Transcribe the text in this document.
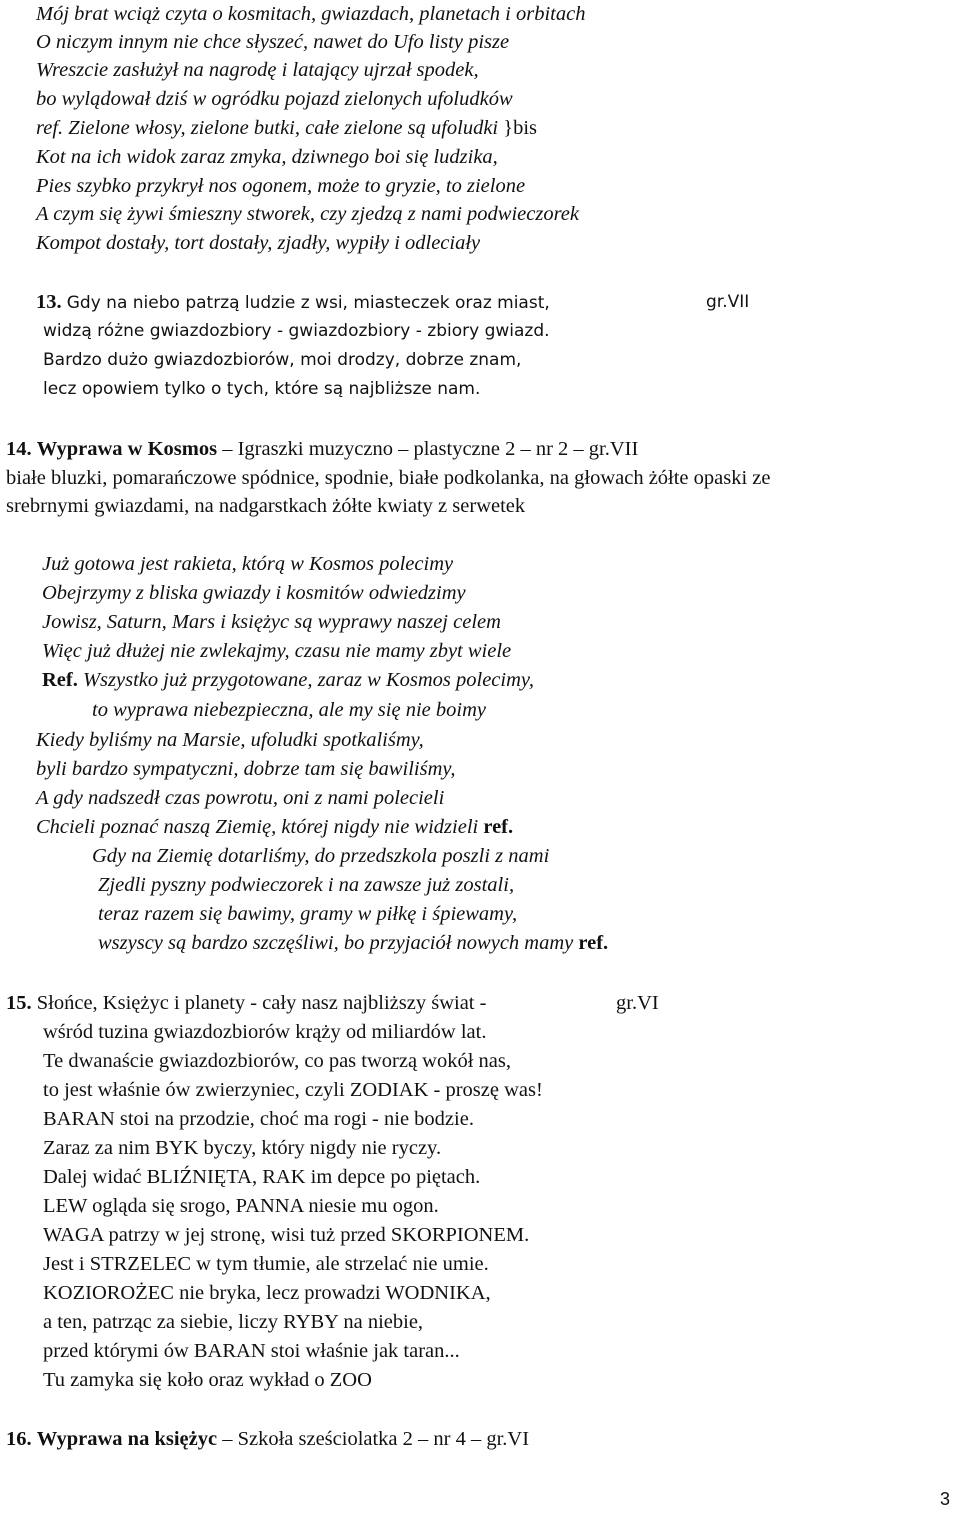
Mój brat wciąż czyta o kosmitach, gwiazdach, planetach i orbitach
O niczym innym nie chce słyszeć, nawet do Ufo listy pisze
Wreszcie zasłużył na nagrodę i latający ujrzał spodek,
bo wylądował dziś w ogródku pojazd zielonych ufoludków
ref. Zielone włosy, zielone butki, całe zielone są ufoludki }bis
Kot na ich widok zaraz zmyka, dziwnego boi się ludzika,
Pies szybko przykrył nos ogonem, może to gryzie, to zielone
A czym się żywi śmieszny stworek, czy zjedzą z nami podwieczorek
Kompot dostały, tort dostały, zjadły, wypiły i odleciały
13. Gdy na niebo patrzą ludzie z wsi, miasteczek oraz miast,	gr.VII
widzą różne gwiazdozbiory - gwiazdozbiory - zbiory gwiazd.
Bardzo dużo gwiazdozbiorów, moi drodzy, dobrze znam,
lecz opowiem tylko o tych, które są najbliższe nam.
14. Wyprawa w Kosmos – Igraszki muzyczno – plastyczne 2 – nr 2 – gr.VII
białe bluzki, pomarańczowe spódnice, spodnie, białe podkolanka, na głowach żółte opaski ze
srebrnymi gwiazdami, na nadgarstkach żółte kwiaty z serwetek
Już gotowa jest rakieta, którą w Kosmos polecimy
Obejrzymy z bliska gwiazdy i kosmitów odwiedzimy
Jowisz, Saturn, Mars i księżyc są wyprawy naszej celem
Więc już dłużej nie zwlekajmy, czasu nie mamy zbyt wiele
Ref. Wszystko już przygotowane, zaraz w Kosmos polecimy,
to wyprawa niebezpieczna, ale my się nie boimy
Kiedy byliśmy na Marsie, ufoludki spotkaliśmy,
byli bardzo sympatyczni, dobrze tam się bawiliśmy,
A gdy nadszedł czas powrotu, oni z nami polecieli
Chcieli poznać naszą Ziemię, której nigdy nie widzieli ref.
Gdy na Ziemię dotarliśmy, do przedszkola poszli z nami
Zjedli pyszny podwieczorek i na zawsze już zostali,
teraz razem się bawimy, gramy w piłkę i śpiewamy,
wszyscy są bardzo szczęśliwi, bo przyjaciół nowych mamy ref.
15. Słońce, Księżyc i planety - cały nasz najbliższy świat -	gr.VI
wśród tuzina gwiazdozbiorów krąży od miliardów lat.
Te dwanaście gwiazdozbiorów, co pas tworzą wokół nas,
to jest właśnie ów zwierzyniec, czyli ZODIAK - proszę was!
BARAN stoi na przodzie, choć ma rogi - nie bodzie.
Zaraz za nim BYK byczy, który nigdy nie ryczy.
Dalej widać BLIŹNIĘTA, RAK im depce po piętach.
LEW ogląda się srogo, PANNA niesie mu ogon.
WAGA patrzy w jej stronę, wisi tuż przed SKORPIONEM.
Jest i STRZELEC w tym tłumie, ale strzelać nie umie.
KOZIOROŻEC nie bryka, lecz prowadzi WODNIKA,
a ten, patrząc za siebie, liczy RYBY na niebie,
przed którymi ów BARAN stoi właśnie jak taran...
Tu zamyka się koło oraz wykład o ZOO
16. Wyprawa na księżyc – Szkoła sześciolatka 2 – nr 4 – gr.VI
3
